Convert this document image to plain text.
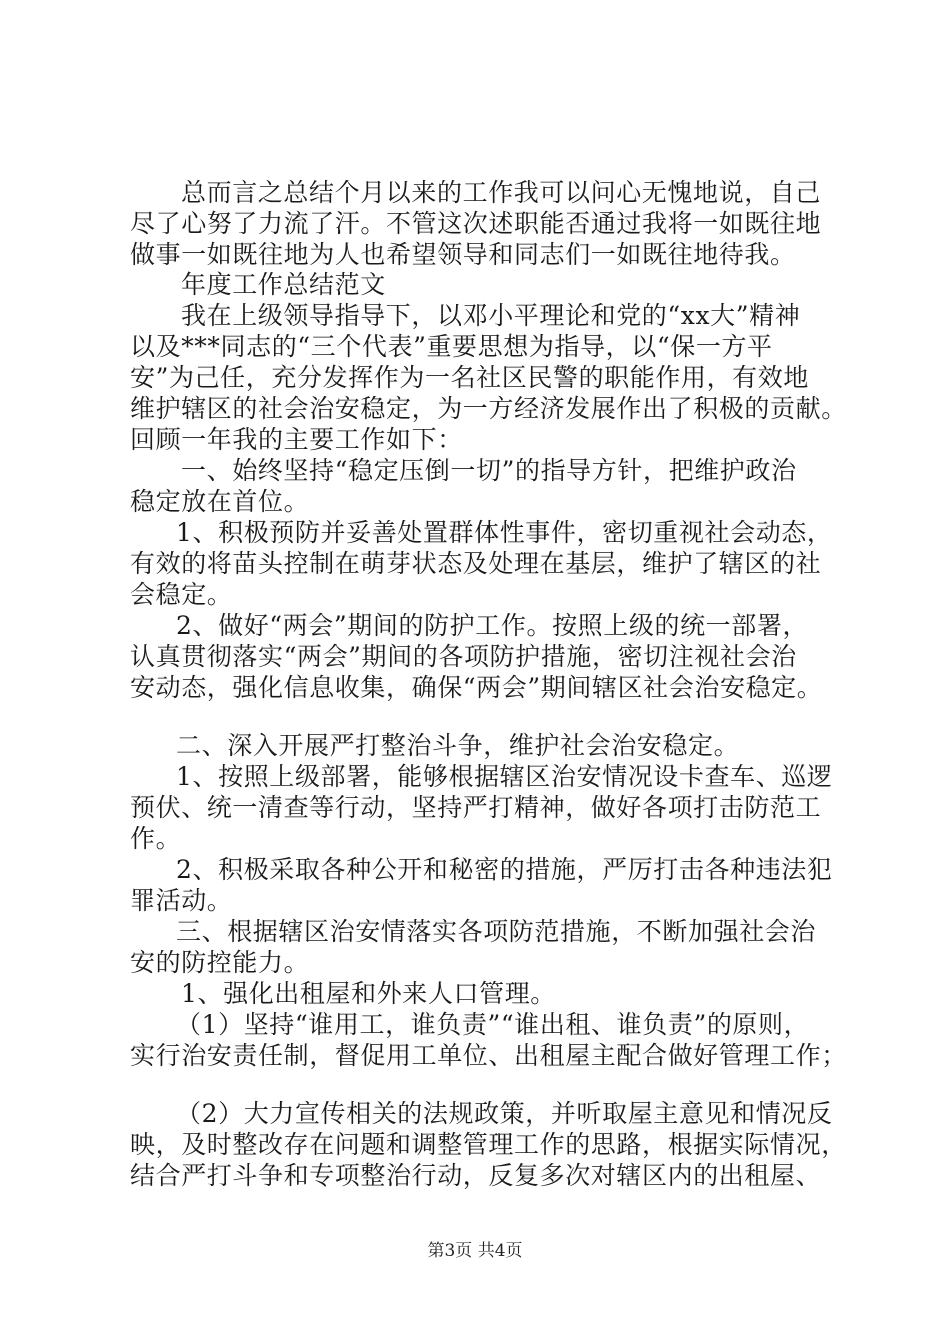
总而言之总结个月以来的工作我可以问心无愧地说，自己
尽了心努了力流了汗。不管这次述职能否通过我将一如既往地
做事一如既往地为人也希望领导和同志们一如既往地待我。
年度工作总结范文
我在上级领导指导下，以邓小平理论和党的“xx大”精神
以及***同志的“三个代表”重要思想为指导，以“保一方平
安”为己任，充分发挥作为一名社区民警的职能作用，有效地
维护辖区的社会治安稳定，为一方经济发展作出了积极的贡献。
回顾一年我的主要工作如下：
一、始终坚持“稳定压倒一切”的指导方针，把维护政治
稳定放在首位。
1、积极预防并妥善处置群体性事件，密切重视社会动态，
有效的将苗头控制在萌芽状态及处理在基层，维护了辖区的社
会稳定。
2、做好“两会”期间的防护工作。按照上级的统一部署，
认真贯彻落实“两会”期间的各项防护措施，密切注视社会治
安动态，强化信息收集，确保“两会”期间辖区社会治安稳定。
二、深入开展严打整治斗争，维护社会治安稳定。
1、按照上级部署，能够根据辖区治安情况设卡查车、巡逻
预伏、统一清查等行动，坚持严打精神，做好各项打击防范工
作。
2、积极采取各种公开和秘密的措施，严厉打击各种违法犯
罪活动。
三、根据辖区治安情落实各项防范措施，不断加强社会治
安的防控能力。
1、强化出租屋和外来人口管理。
（1）坚持“谁用工，谁负责”“谁出租、谁负责”的原则，
实行治安责任制，督促用工单位、出租屋主配合做好管理工作；
（2）大力宣传相关的法规政策，并听取屋主意见和情况反
映，及时整改存在问题和调整管理工作的思路，根据实际情况，
结合严打斗争和专项整治行动，反复多次对辖区内的出租屋、
第3页 共4页
